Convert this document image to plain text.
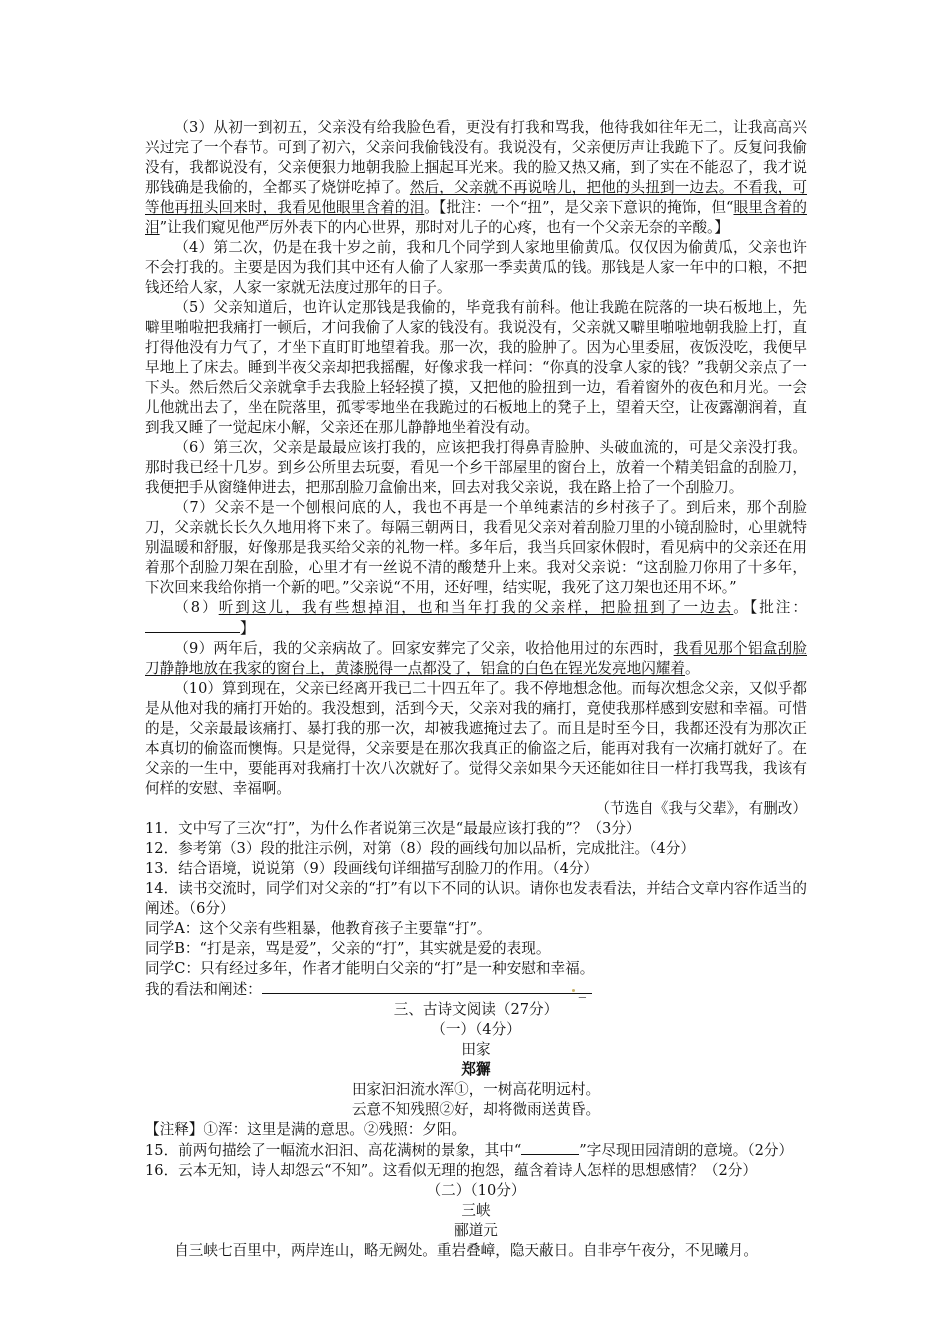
（3）从初一到初五，父亲没有给我脸色看，更没有打我和骂我，他待我如往年无二，让我高高兴兴过完了一个春节。可到了初六，父亲问我偷钱没有。我说没有，父亲便厉声让我跪下了。反复问我偷没有，我都说没有，父亲便狠力地朝我脸上掴起耳光来。我的脸又热又痛，到了实在不能忍了，我才说那钱确是我偷的，全都买了烧饼吃掉了。然后，父亲就不再说啥儿，把他的头扭到一边去。不看我，可等他再扭头回来时，我看见他眼里含着的泪。【批注：一个“扭”，是父亲下意识的掩饰，但“眼里含着的泪”让我们窥见他严厉外表下的内心世界，那时对儿子的心疼，也有一个父亲无奈的辛酸。】

（4）第二次，仍是在我十岁之前，我和几个同学到人家地里偷黄瓜。仅仅因为偷黄瓜，父亲也许不会打我的。主要是因为我们其中还有人偷了人家那一季卖黄瓜的钱。那钱是人家一年中的口粮，不把钱还给人家，人家一家就无法度过那年的日子。

（5）父亲知道后，也许认定那钱是我偷的，毕竟我有前科。他让我跪在院落的一块石板地上，先噼里啪啦把我痛打一顿后，才问我偷了人家的钱没有。我说没有，父亲就又噼里啪啦地朝我脸上打，直打得他没有力气了，才坐下直盯盯地望着我。那一次，我的脸肿了。因为心里委屈，夜饭没吃，我便早早地上了床去。睡到半夜父亲却把我摇醒，好像求我一样问：“你真的没拿人家的钱？”我朝父亲点了一下头。然后然后父亲就拿手去我脸上轻轻摸了摸，又把他的脸扭到一边，看着窗外的夜色和月光。一会儿他就出去了，坐在院落里，孤零零地坐在我跪过的石板地上的凳子上，望着天空，让夜露潮润着，直到我又睡了一觉起床小解，父亲还在那儿静静地坐着没有动。

（6）第三次，父亲是最最应该打我的，应该把我打得鼻青脸肿、头破血流的，可是父亲没打我。那时我已经十几岁。到乡公所里去玩耍，看见一个乡干部屋里的窗台上，放着一个精美铝盒的刮脸刀，我便把手从窗缝伸进去，把那刮脸刀盒偷出来，回去对我父亲说，我在路上拾了一个刮脸刀。

（7）父亲不是一个刨根问底的人，我也不再是一个单纯素洁的乡村孩子了。到后来，那个刮脸刀，父亲就长长久久地用将下来了。每隔三朝两日，我看见父亲对着刮脸刀里的小镜刮脸时，心里就特别温暖和舒服，好像那是我买给父亲的礼物一样。多年后，我当兵回家休假时，看见病中的父亲还在用着那个刮脸刀架在刮脸，心里才有一丝说不清的酸楚升上来。我对父亲说：“这刮脸刀你用了十多年，下次回来我给你捎一个新的吧。”父亲说“不用，还好哩，结实呢，我死了这刀架也还用不坏。”

（8）听到这儿，我有些想掉泪，也和当年打我的父亲样，把脸扭到了一边去。【批注：】

（9）两年后，我的父亲病故了。回家安葬完了父亲，收拾他用过的东西时，我看见那个铝盒刮脸刀静静地放在我家的窗台上，黄漆脱得一点都没了，铝盒的白色在锃光发亮地闪耀着。

（10）算到现在，父亲已经离开我已二十四五年了。我不停地想念他。而每次想念父亲，又似乎都是从他对我的痛打开始的。我没想到，活到今天，父亲对我的痛打，竟使我那样感到安慰和幸福。可惜的是，父亲最最该痛打、暴打我的那一次，却被我遮掩过去了。而且是时至今日，我都还没有为那次正本真切的偷盗而懊悔。只是觉得，父亲要是在那次我真正的偷盗之后，能再对我有一次痛打就好了。在父亲的一生中，要能再对我痛打十次八次就好了。觉得父亲如果今天还能如往日一样打我骂我，我该有何样的安慰、幸福啊。

（节选自《我与父辈》，有删改）

11．文中写了三次“打”，为什么作者说第三次是“最最应该打我的”？（3分）

12．参考第（3）段的批注示例，对第（8）段的画线句加以品析，完成批注。（4分）

13．结合语境，说说第（9）段画线句详细描写刮脸刀的作用。（4分）

14．读书交流时，同学们对父亲的“打”有以下不同的认识。请你也发表看法，并结合文章内容作适当的阐述。（6分）

同学A：这个父亲有些粗暴，他教育孩子主要靠“打”。

同学B：“打是亲，骂是爱”，父亲的“打”，其实就是爱的表现。

同学C：只有经过多年，作者才能明白父亲的“打”是一种安慰和幸福。

我的看法和阐述：	_

三、古诗文阅读（27分）

（一）（4分）

田家

郑獬

田家汩汩流水浑①，一树高花明远村。

云意不知残照②好，却将微雨送黄昏。

【注释】①浑：这里是满的意思。②残照：夕阳。

15．前两句描绘了一幅流水汩汩、高花满树的景象，其中“	”字尽现田园清朗的意境。（2分）

16．云本无知，诗人却怨云“不知”。这看似无理的抱怨，蕴含着诗人怎样的思想感情？（2分）

（二）（10分）

三峡

郦道元

自三峡七百里中，两岸连山，略无阙处。重岩叠嶂，隐天蔽日。自非亭午夜分，不见曦月。
